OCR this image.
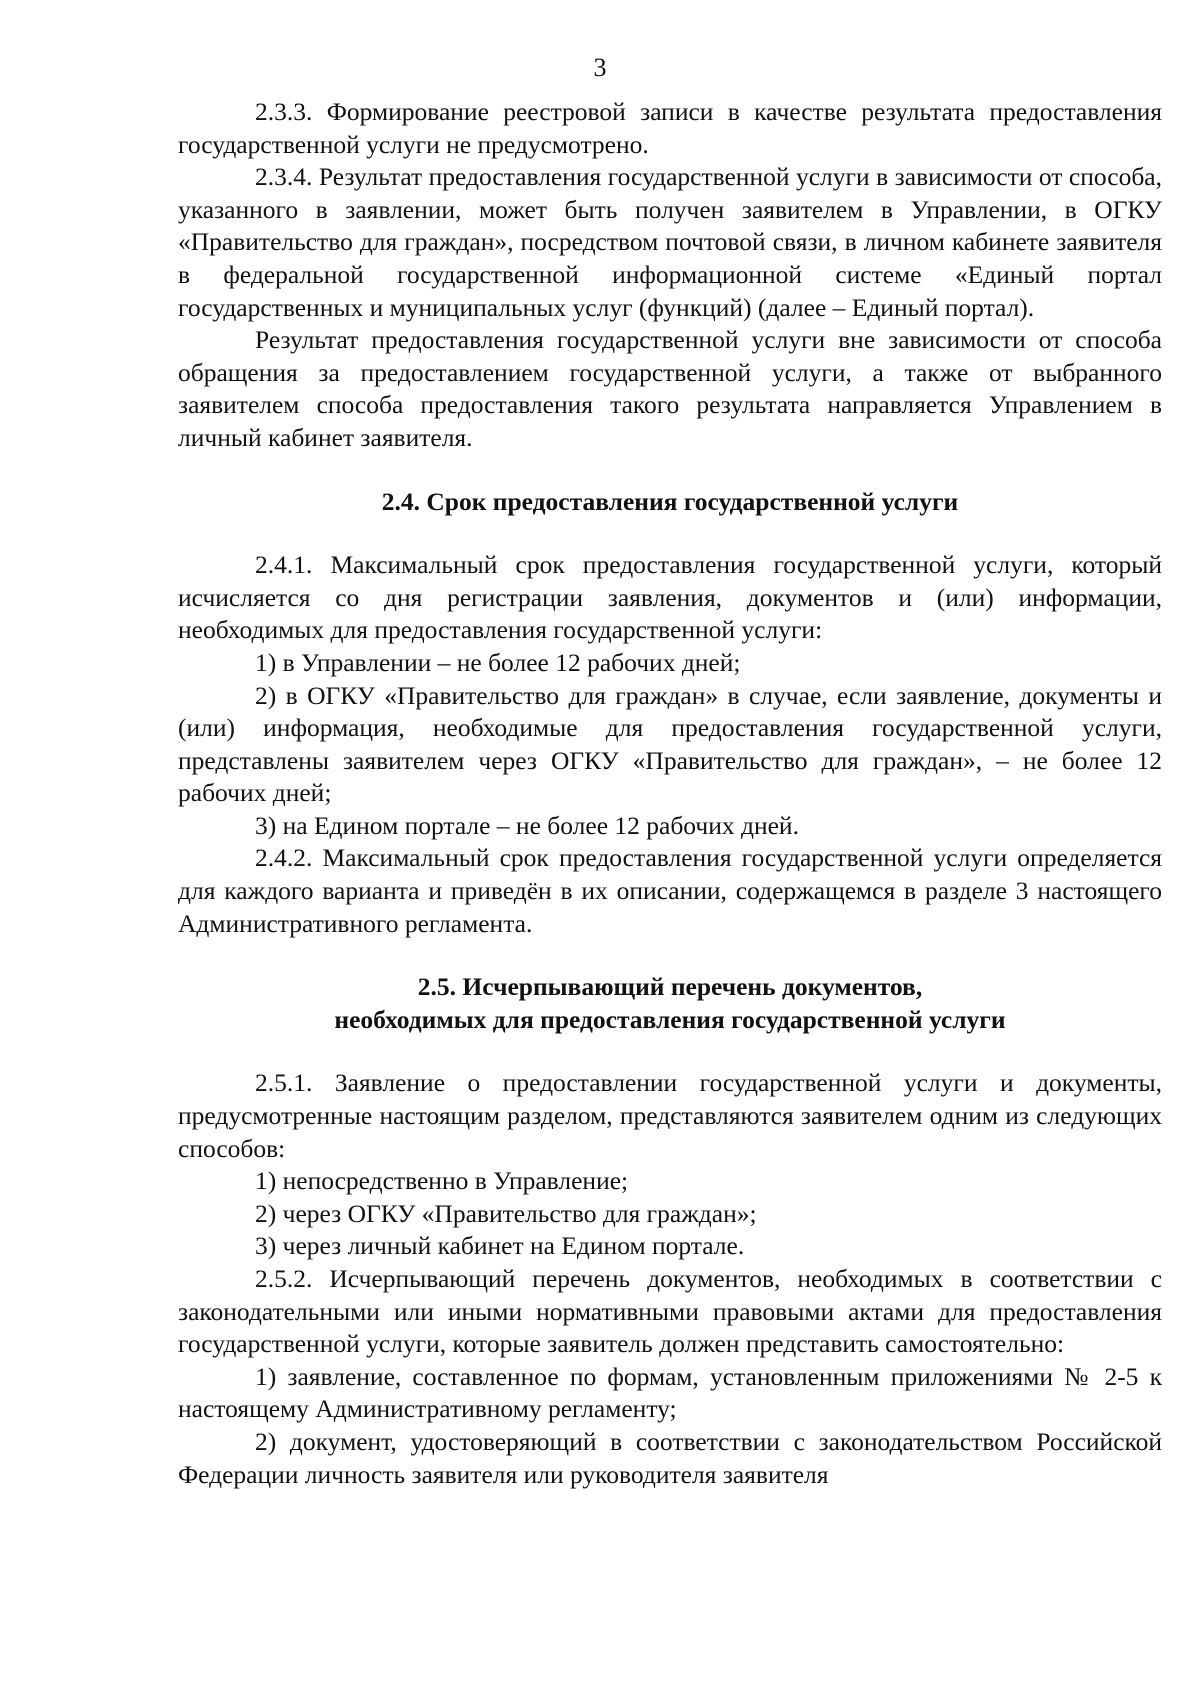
3

2.3.3. Формирование реестровой записи в качестве результата предоставления государственной услуги не предусмотрено.

2.3.4. Результат предоставления государственной услуги в зависимости от способа, указанного в заявлении, может быть получен заявителем в Управлении, в ОГКУ «Правительство для граждан», посредством почтовой связи, в личном кабинете заявителя в федеральной государственной информационной системе «Единый портал государственных и муниципальных услуг (функций) (далее – Единый портал).

Результат предоставления государственной услуги вне зависимости от способа обращения за предоставлением государственной услуги, а также от выбранного заявителем способа предоставления такого результата направляется Управлением в личный кабинет заявителя.

2.4. Срок предоставления государственной услуги

2.4.1. Максимальный срок предоставления государственной услуги, который исчисляется со дня регистрации заявления, документов и (или) информации, необходимых для предоставления государственной услуги:

1) в Управлении – не более 12 рабочих дней;

2) в ОГКУ «Правительство для граждан» в случае, если заявление, документы и (или) информация, необходимые для предоставления государственной услуги, представлены заявителем через ОГКУ «Правительство для граждан», – не более 12 рабочих дней;

3) на Едином портале – не более 12 рабочих дней.

2.4.2. Максимальный срок предоставления государственной услуги определяется для каждого варианта и приведён в их описании, содержащемся в разделе 3 настоящего Административного регламента.

2.5. Исчерпывающий перечень документов,
необходимых для предоставления государственной услуги

2.5.1. Заявление о предоставлении государственной услуги и документы, предусмотренные настоящим разделом, представляются заявителем одним из следующих способов:

1) непосредственно в Управление;

2) через ОГКУ «Правительство для граждан»;

3) через личный кабинет на Едином портале.

2.5.2. Исчерпывающий перечень документов, необходимых в соответствии с законодательными или иными нормативными правовыми актами для предоставления государственной услуги, которые заявитель должен представить самостоятельно:

1) заявление, составленное по формам, установленным приложениями № 2-5 к настоящему Административному регламенту;

2) документ, удостоверяющий в соответствии с законодательством Российской Федерации личность заявителя или руководителя заявителя
